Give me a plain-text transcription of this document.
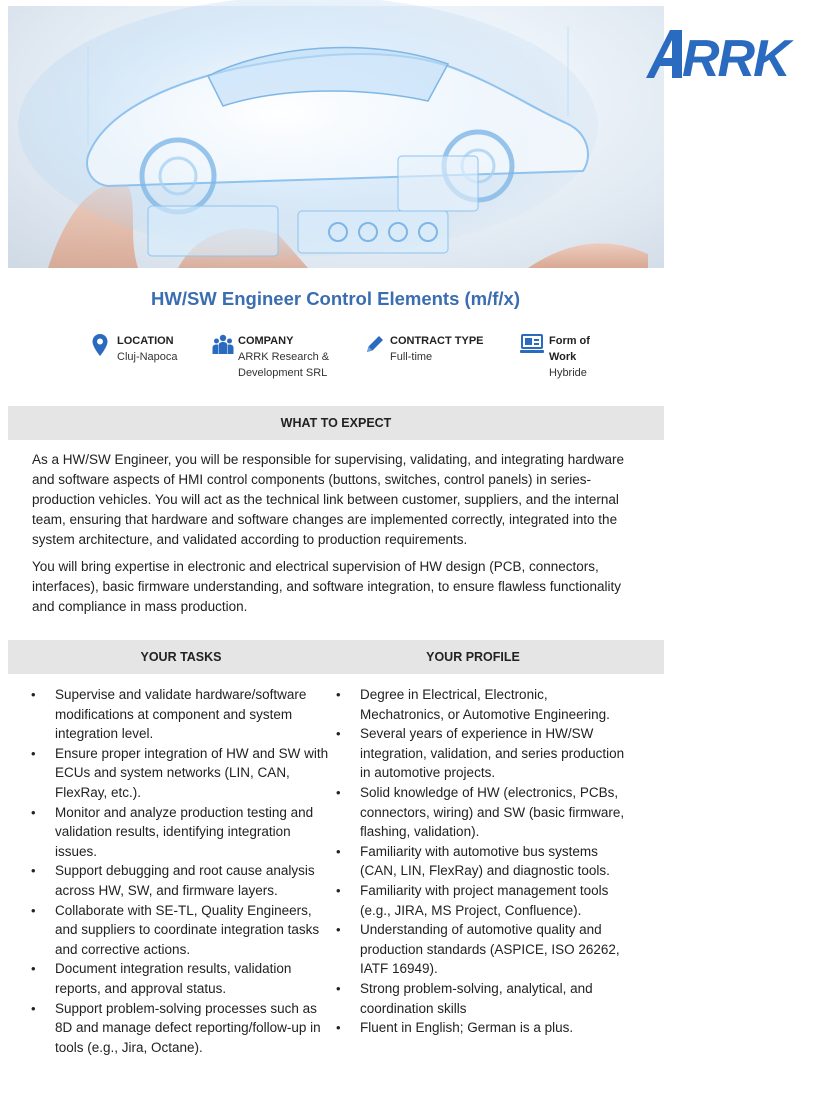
RRK
HW/SW Engineer Control Elements (m/f/x)
LOCATION
Cluj-Napoca
COMPANY
ARRK Research & Development SRL
CONTRACT TYPE
Full-time
Form of Work
Hybride
WHAT TO EXPECT
As a HW/SW Engineer, you will be responsible for supervising, validating, and integrating hardware and software aspects of HMI control components (buttons, switches, control panels) in series-production vehicles. You will act as the technical link between customer, suppliers, and the internal team, ensuring that hardware and software changes are implemented correctly, integrated into the system architecture, and validated according to production requirements.
You will bring expertise in electronic and electrical supervision of HW design (PCB, connectors, interfaces), basic firmware understanding, and software integration, to ensure flawless functionality and compliance in mass production.
YOUR TASKS	YOUR PROFILE
• Supervise and validate hardware/software modifications at component and system integration level.
• Ensure proper integration of HW and SW with ECUs and system networks (LIN, CAN, FlexRay, etc.).
• Monitor and analyze production testing and validation results, identifying integration issues.
• Support debugging and root cause analysis across HW, SW, and firmware layers.
• Collaborate with SE-TL, Quality Engineers, and suppliers to coordinate integration tasks and corrective actions.
• Document integration results, validation reports, and approval status.
• Support problem-solving processes such as 8D and manage defect reporting/follow-up in tools (e.g., Jira, Octane).
• Degree in Electrical, Electronic, Mechatronics, or Automotive Engineering.
• Several years of experience in HW/SW integration, validation, and series production in automotive projects.
• Solid knowledge of HW (electronics, PCBs, connectors, wiring) and SW (basic firmware, flashing, validation).
• Familiarity with automotive bus systems (CAN, LIN, FlexRay) and diagnostic tools.
• Familiarity with project management tools (e.g., JIRA, MS Project, Confluence).
• Understanding of automotive quality and production standards (ASPICE, ISO 26262, IATF 16949).
• Strong problem-solving, analytical, and coordination skills
• Fluent in English; German is a plus.
